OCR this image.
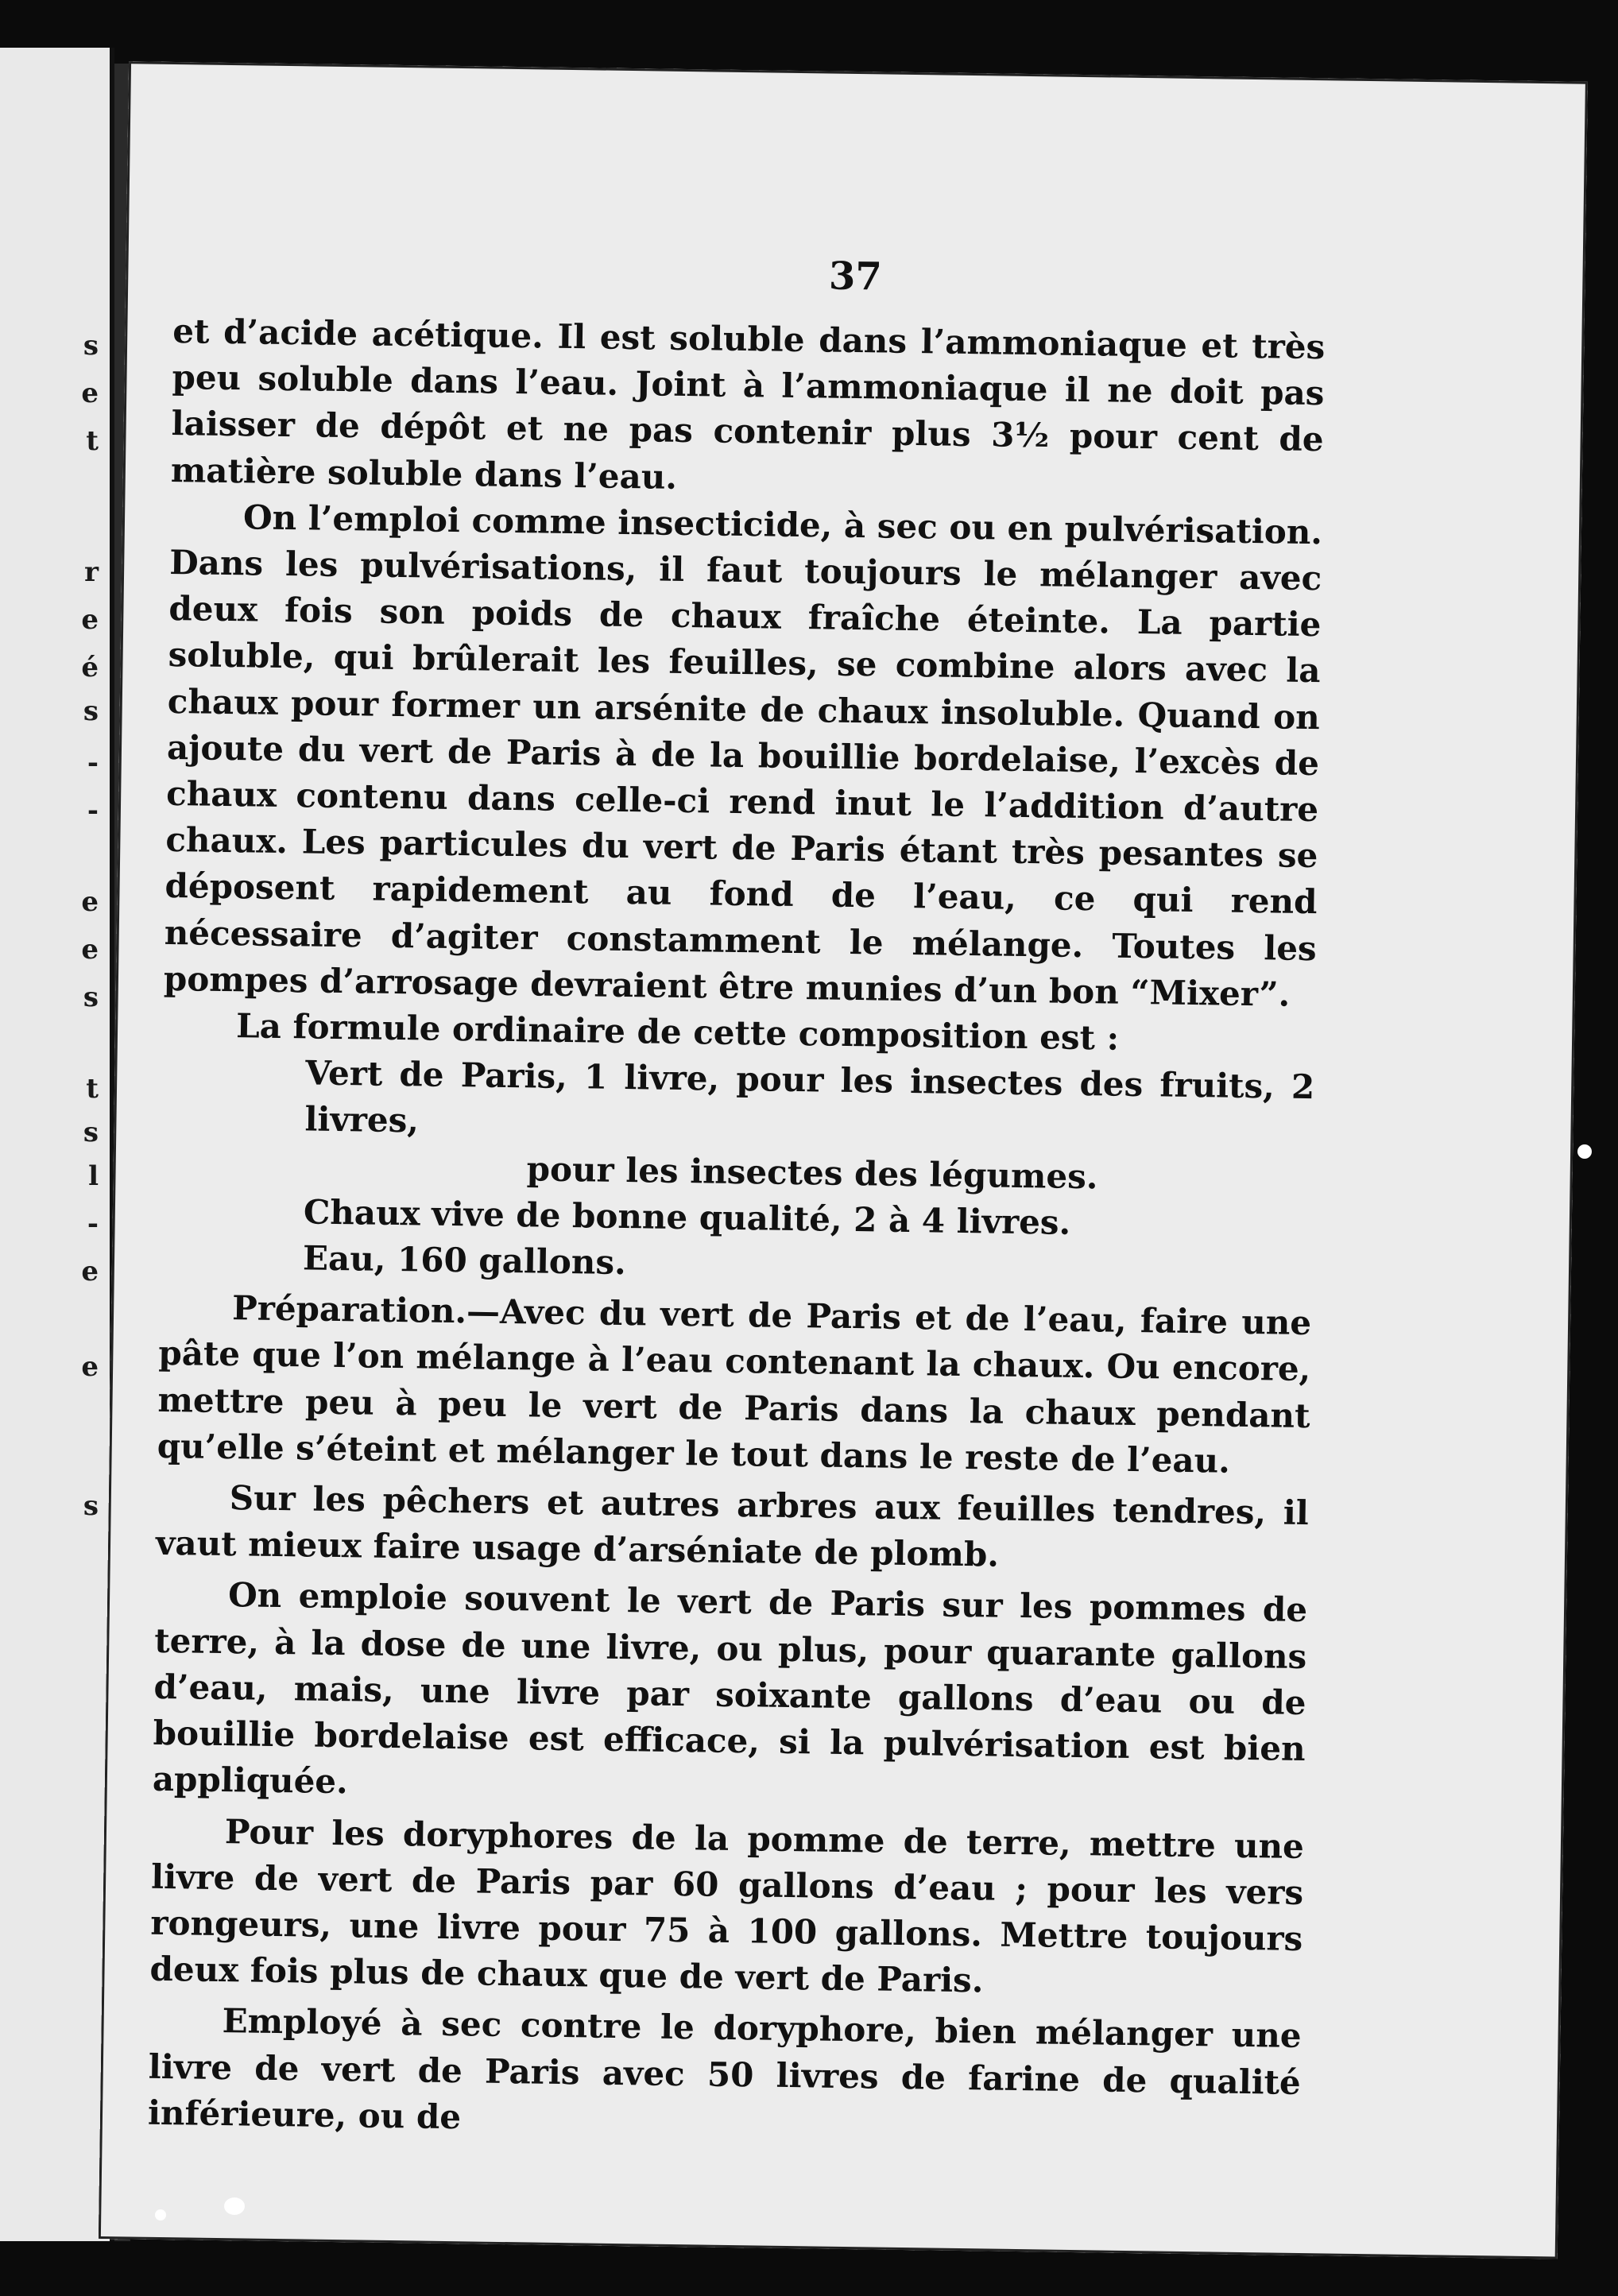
s
e
t
r
e
é
s
-
-
e
e
s
t
s
l
-
e
e
s
37

et d’acide acétique. Il est soluble dans l’ammoniaque et très peu soluble dans l’eau. Joint à l’ammoniaque il ne doit pas laisser de dépôt et ne pas contenir plus 3½ pour cent de matière soluble dans l’eau.

On l’emploi comme insecticide, à sec ou en pulvérisation. Dans les pulvérisations, il faut toujours le mélanger avec deux fois son poids de chaux fraîche éteinte. La partie soluble, qui brûlerait les feuilles, se combine alors avec la chaux pour former un arsénite de chaux insoluble. Quand on ajoute du vert de Paris à de la bouillie bordelaise, l’excès de chaux contenu dans celle-ci rend inut le l’addition d’autre chaux. Les particules du vert de Paris étant très pesantes se déposent rapidement au fond de l’eau, ce qui rend nécessaire d’agiter constamment le mélange. Toutes les pompes d’arrosage devraient être munies d’un bon “Mixer”.

La formule ordinaire de cette composition est :

Vert de Paris, 1 livre, pour les insectes des fruits, 2 livres,
pour les insectes des légumes.

Chaux vive de bonne qualité, 2 à 4 livres.

Eau, 160 gallons.

Préparation.—Avec du vert de Paris et de l’eau, faire une pâte que l’on mélange à l’eau contenant la chaux. Ou encore, mettre peu à peu le vert de Paris dans la chaux pendant qu’elle s’éteint et mélanger le tout dans le reste de l’eau.

Sur les pêchers et autres arbres aux feuilles tendres, il vaut mieux faire usage d’arséniate de plomb.

On emploie souvent le vert de Paris sur les pommes de terre, à la dose de une livre, ou plus, pour quarante gallons d’eau, mais, une livre par soixante gallons d’eau ou de bouillie bordelaise est efficace, si la pulvérisation est bien appliquée.

Pour les doryphores de la pomme de terre, mettre une livre de vert de Paris par 60 gallons d’eau ; pour les vers rongeurs, une livre pour 75 à 100 gallons. Mettre toujours deux fois plus de chaux que de vert de Paris.

Employé à sec contre le doryphore, bien mélanger une livre de vert de Paris avec 50 livres de farine de qualité inférieure, ou de
